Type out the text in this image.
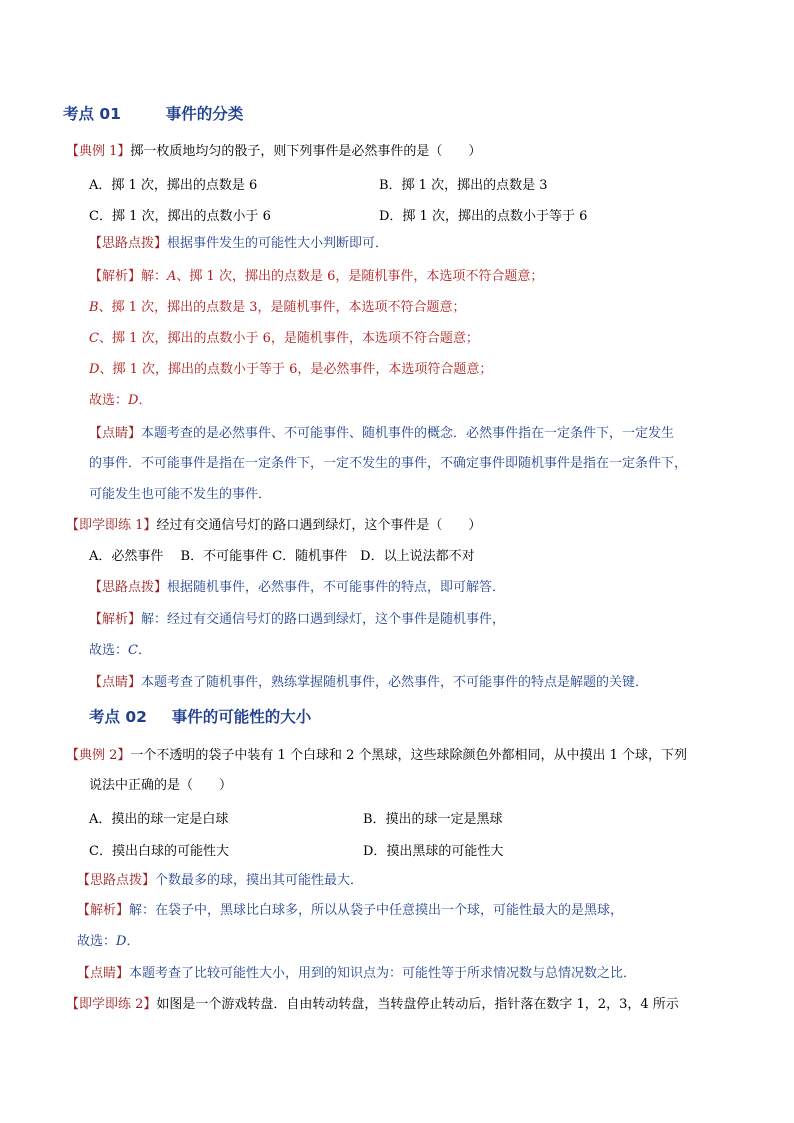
考点 01	事件的分类
【典例 1】掷一枚质地均匀的骰子，则下列事件是必然事件的是（　　）
A．掷 1 次，掷出的点数是 6	B．掷 1 次，掷出的点数是 3
C．掷 1 次，掷出的点数小于 6	D．掷 1 次，掷出的点数小于等于 6
【思路点拨】根据事件发生的可能性大小判断即可．
【解析】解：A、掷 1 次，掷出的点数是 6，是随机事件，本选项不符合题意；
B、掷 1 次，掷出的点数是 3，是随机事件，本选项不符合题意；
C、掷 1 次，掷出的点数小于 6，是随机事件，本选项不符合题意；
D、掷 1 次，掷出的点数小于等于 6，是必然事件，本选项符合题意；
故选：D．
【点睛】本题考查的是必然事件、不可能事件、随机事件的概念．必然事件指在一定条件下，一定发生
的事件．不可能事件是指在一定条件下，一定不发生的事件，不确定事件即随机事件是指在一定条件下，
可能发生也可能不发生的事件．
【即学即练 1】经过有交通信号灯的路口遇到绿灯，这个事件是（　　）
A．必然事件　 B．不可能事件 C．随机事件　D．以上说法都不对
【思路点拨】根据随机事件，必然事件，不可能事件的特点，即可解答．
【解析】解：经过有交通信号灯的路口遇到绿灯，这个事件是随机事件，
故选：C．
【点睛】本题考查了随机事件，熟练掌握随机事件，必然事件，不可能事件的特点是解题的关键．
考点 02 事件的可能性的大小
【典例 2】一个不透明的袋子中装有 1 个白球和 2 个黑球，这些球除颜色外都相同，从中摸出 1 个球，下列
说法中正确的是（　　）
A．摸出的球一定是白球	B．摸出的球一定是黑球
C．摸出白球的可能性大	D．摸出黑球的可能性大
【思路点拨】个数最多的球，摸出其可能性最大．
【解析】解：在袋子中，黑球比白球多，所以从袋子中任意摸出一个球，可能性最大的是黑球，
故选：D．
【点睛】本题考查了比较可能性大小，用到的知识点为：可能性等于所求情况数与总情况数之比．
【即学即练 2】如图是一个游戏转盘．自由转动转盘，当转盘停止转动后，指针落在数字 1，2，3，4 所示
